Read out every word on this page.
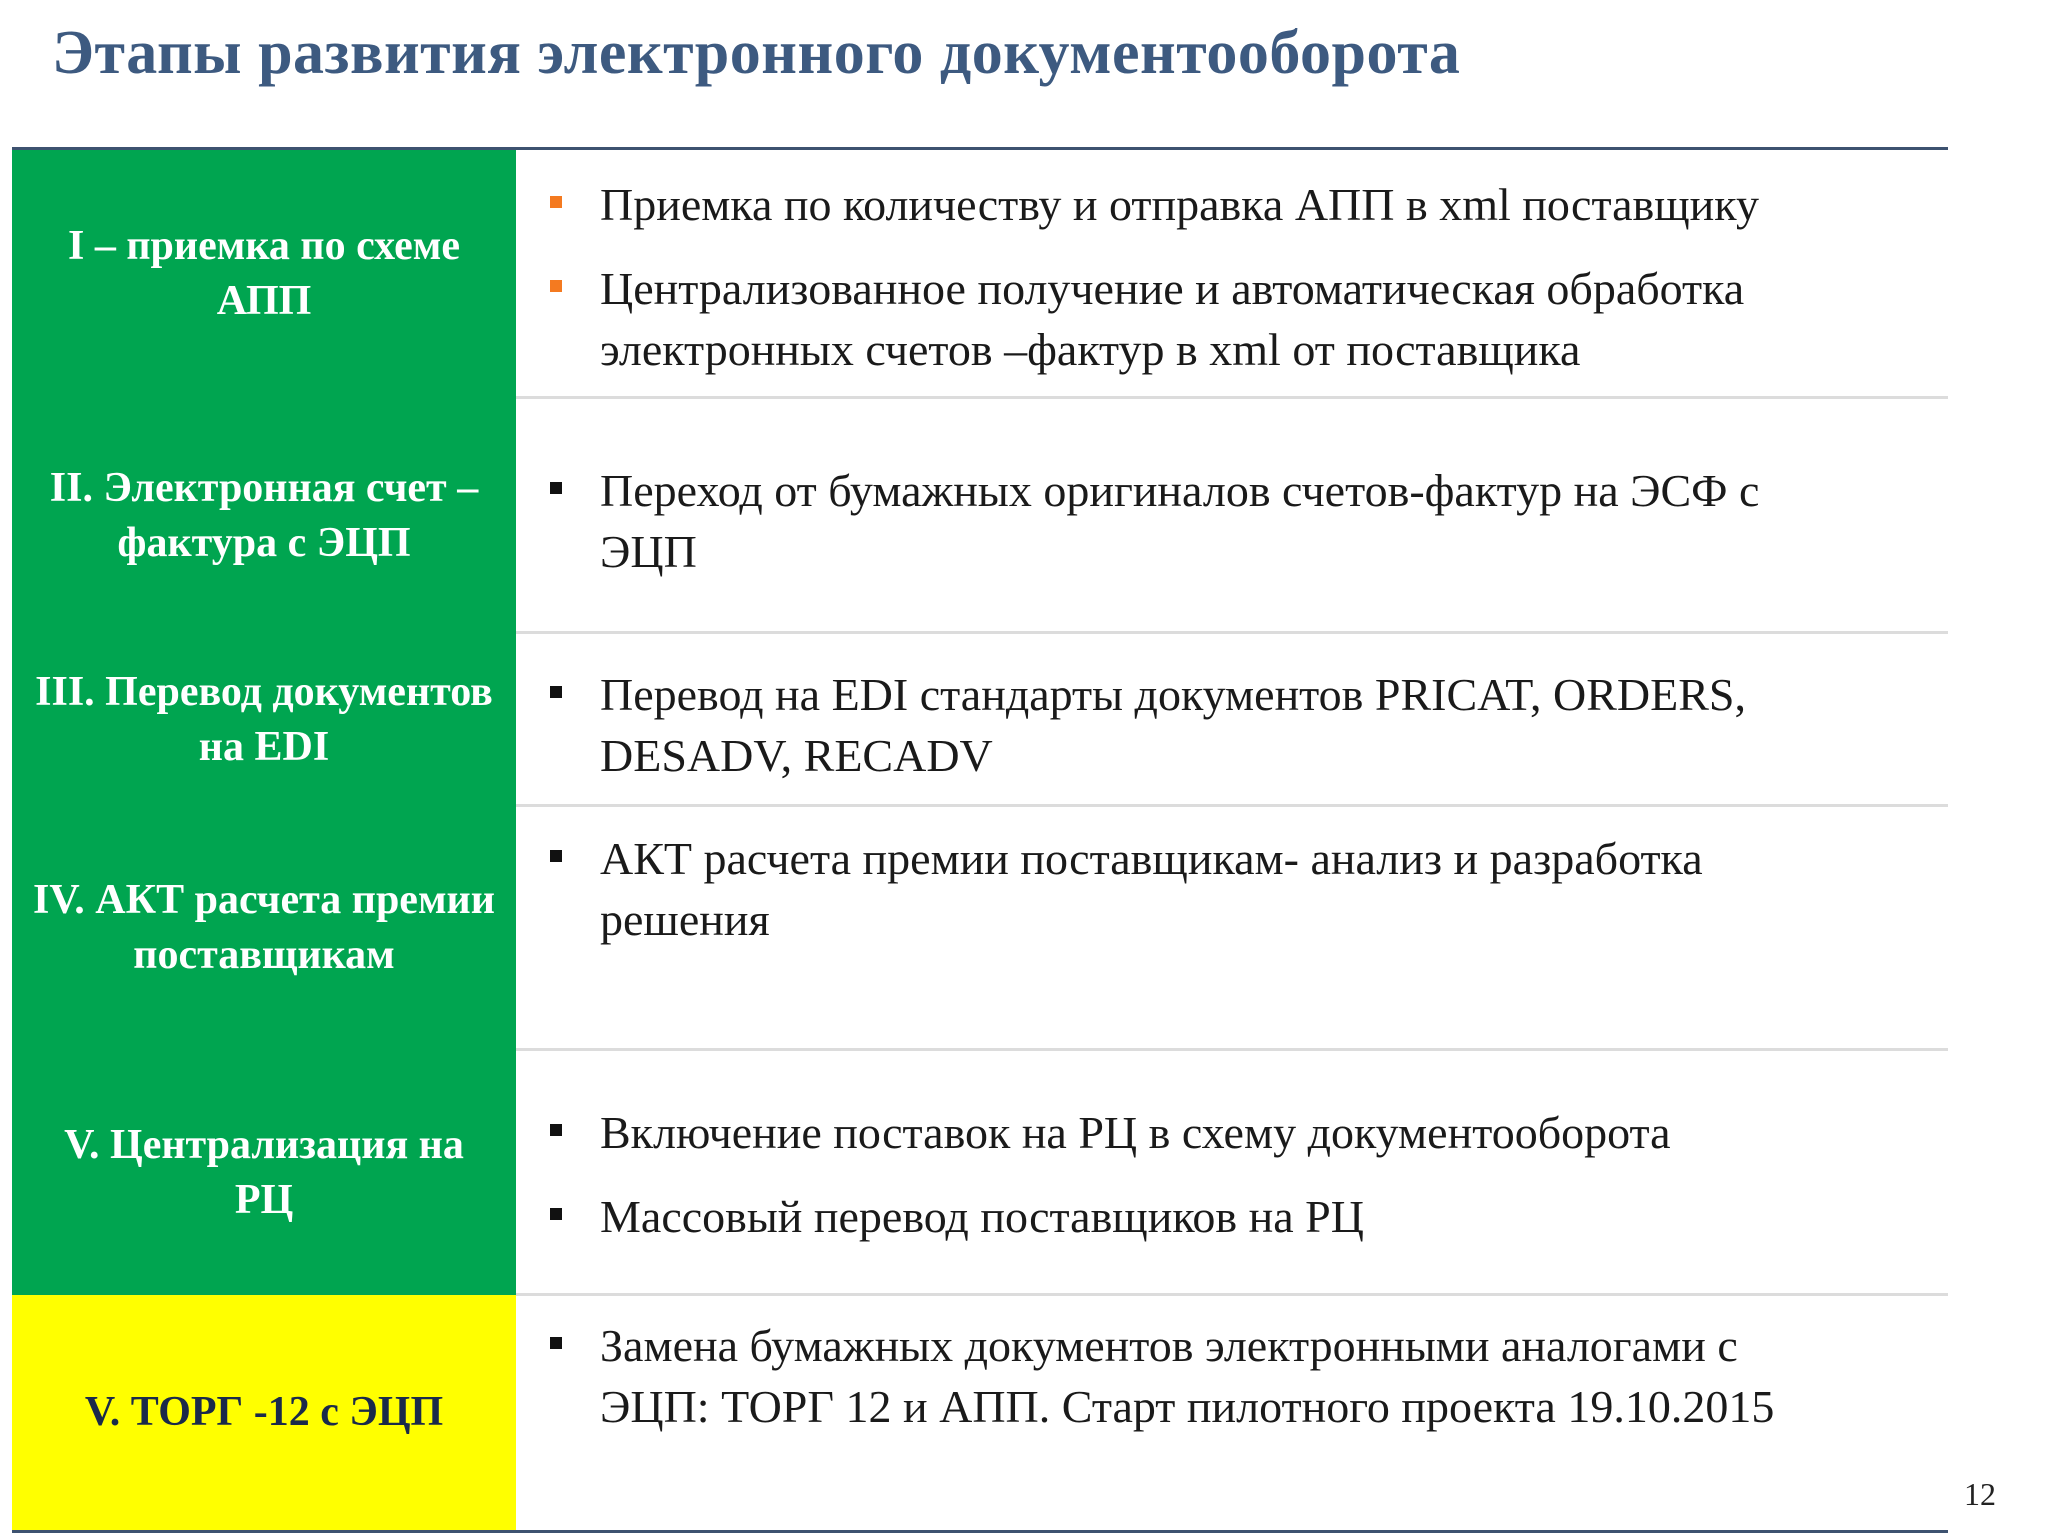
Этапы развития электронного документооборота
I – приемка по схеме АПП
Приемка по количеству и отправка АПП в xml поставщику
Централизованное получение и автоматическая обработка
электронных счетов –фактур в xml от поставщика
II. Электронная счет – фактура с ЭЦП
Переход от бумажных оригиналов счетов-фактур на ЭСФ с
ЭЦП
III. Перевод документов на EDI
Перевод на EDI стандарты документов PRICAT, ORDERS,
DESADV, RECADV
IV. АКТ расчета премии поставщикам
АКТ расчета премии поставщикам- анализ и разработка
решения
V. Централизация на РЦ
Включение поставок на РЦ в схему документооборота
Массовый перевод поставщиков на РЦ
V. ТОРГ -12 с ЭЦП
Замена бумажных документов электронными аналогами с
ЭЦП: ТОРГ 12 и АПП. Старт пилотного проекта 19.10.2015
12
